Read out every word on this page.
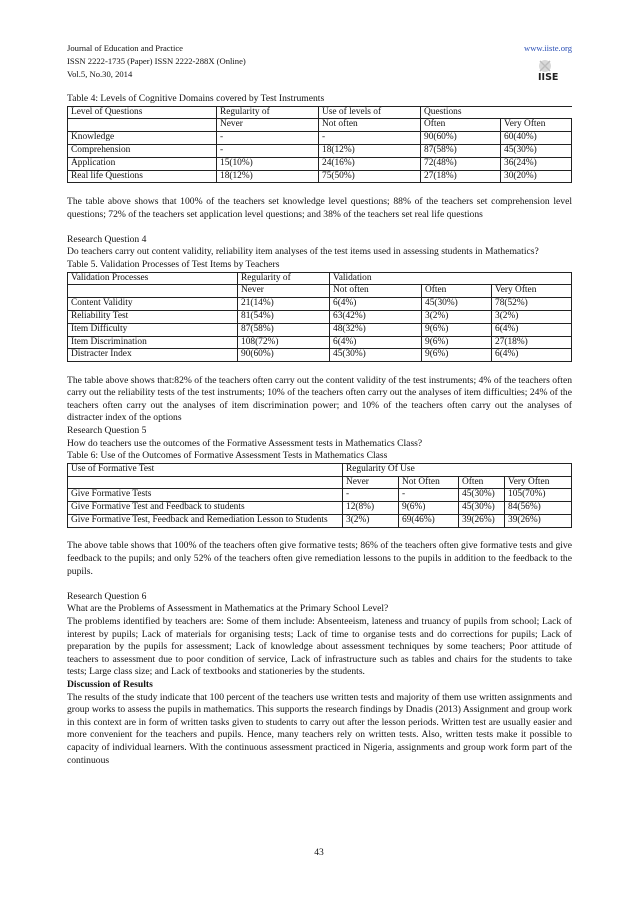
Journal of Education and Practice
ISSN 2222-1735 (Paper) ISSN 2222-288X (Online)
Vol.5, No.30, 2014
www.iiste.org
IISE

Table 4: Levels of Cognitive Domains covered by Test Instruments

Level of Questions	Regularity of	Use of levels of	Questions	
	Never	Not often	Often	Very Often
Knowledge	-	-	90(60%)	60(40%)
Comprehension	-	18(12%)	87(58%)	45(30%)
Application	15(10%)	24(16%)	72(48%)	36(24%)
Real life Questions	18(12%)	75(50%)	27(18%)	30(20%)

The table above shows that 100% of the teachers set knowledge level questions; 88% of the teachers set comprehension level questions; 72% of the teachers set application level questions; and 38% of the teachers set real life questions

Research Question 4

Do teachers carry out content validity, reliability item analyses of the test items used in assessing students in Mathematics?

Table 5. Validation Processes of Test Items by Teachers

Validation Processes	Regularity of	Validation		
	Never	Not often	Often	Very Often
Content Validity	21(14%)	6(4%)	45(30%)	78(52%)
Reliability Test	81(54%)	63(42%)	3(2%)	3(2%)
Item Difficulty	87(58%)	48(32%)	9(6%)	6(4%)
Item Discrimination	108(72%)	6(4%)	9(6%)	27(18%)
Distracter Index	90(60%)	45(30%)	9(6%)	6(4%)

The table above shows that:82% of the teachers often carry out the content validity of the test instruments; 4% of the teachers often carry out the reliability tests of the test instruments; 10% of the teachers often carry out the analyses of item difficulties; 24% of the teachers often carry out the analyses of item discrimination power; and 10% of the teachers often carry out the analyses of distracter index of the options

Research Question 5

How do teachers use the outcomes of the Formative Assessment tests in Mathematics Class?

Table 6: Use of the Outcomes of Formative Assessment Tests in Mathematics Class

Use of Formative Test	Regularity Of Use			
	Never	Not Often	Often	Very Often
Give Formative Tests	-	-	45(30%)	105(70%)
Give Formative Test and Feedback to students	12(8%)	9(6%)	45(30%)	84(56%)
Give Formative Test, Feedback and Remediation Lesson to Students	3(2%)	69(46%)	39(26%)	39(26%)

The above table shows that 100% of the teachers often give formative tests; 86% of the teachers often give formative tests and give feedback to the pupils; and only 52% of the teachers often give remediation lessons to the pupils in addition to the feedback to the pupils.

Research Question 6

What are the Problems of Assessment in Mathematics at the Primary School Level?

The problems identified by teachers are: Some of them include: Absenteeism, lateness and truancy of pupils from school; Lack of interest by pupils; Lack of materials for organising tests; Lack of time to organise tests and do corrections for pupils; Lack of preparation by the pupils for assessment; Lack of knowledge about assessment techniques by some teachers; Poor attitude of teachers to assessment due to poor condition of service, Lack of infrastructure such as tables and chairs for the students to take tests; Large class size; and Lack of textbooks and stationeries by the students.

Discussion of Results

The results of the study indicate that 100 percent of the teachers use written tests and majority of them use written assignments and group works to assess the pupils in mathematics. This supports the research findings by Dnadis (2013) Assignment and group work in this context are in form of written tasks given to students to carry out after the lesson periods. Written test are usually easier and more convenient for the teachers and pupils. Hence, many teachers rely on written tests. Also, written tests make it possible to capacity of individual learners. With the continuous assessment practiced in Nigeria, assignments and group work form part of the continuous

43
